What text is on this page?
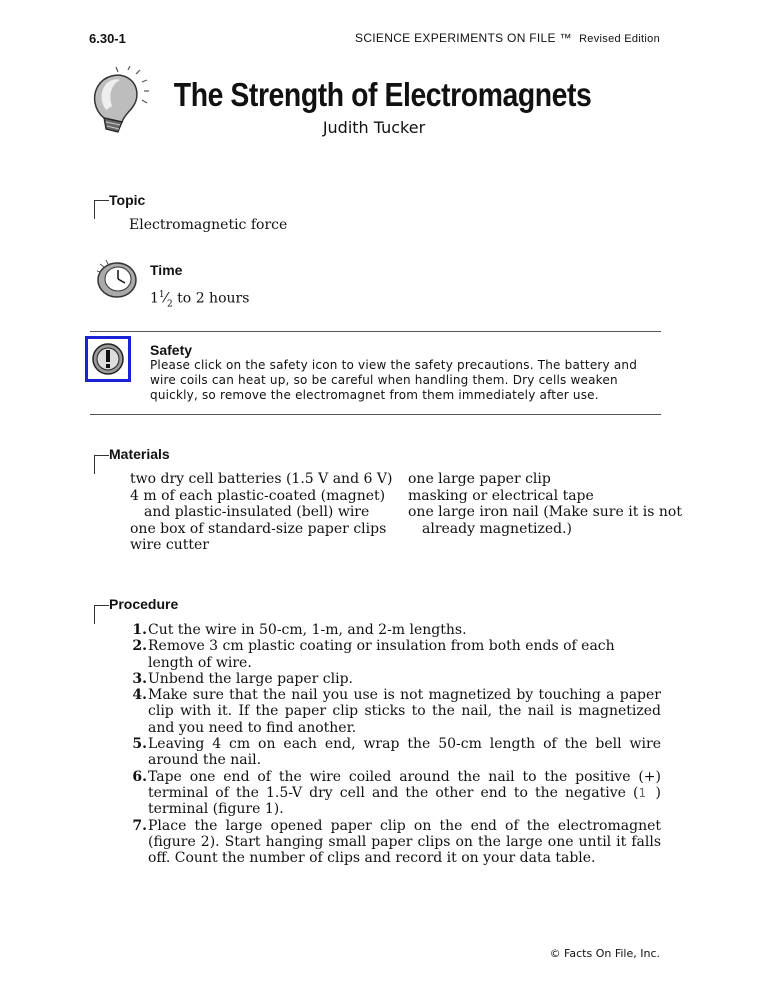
6.30-1	SCIENCE EXPERIMENTS ON FILE ™ Revised Edition
The Strength of Electromagnets
Judith Tucker
Topic
Electromagnetic force
Time
$1^1⁄_2$ to 2 hours
Safety
Please click on the safety icon to view the safety precautions. The battery and wire coils can heat up, so be careful when handling them. Dry cells weaken quickly, so remove the electromagnet from them immediately after use.
Materials
two dry cell batteries (1.5 V and 6 V)
4 m of each plastic-coated (magnet)
and plastic-insulated (bell) wire
one box of standard-size paper clips
wire cutter
one large paper clip
masking or electrical tape
one large iron nail (Make sure it is not
already magnetized.)
Procedure
1. Cut the wire in 50-cm, 1-m, and 2-m lengths.
2. Remove 3 cm plastic coating or insulation from both ends of each length of wire.
3. Unbend the large paper clip.
4. Make sure that the nail you use is not magnetized by touching a paper clip with it. If the paper clip sticks to the nail, the nail is magnetized and you need to find another.
5. Leaving 4 cm on each end, wrap the 50-cm length of the bell wire around the nail.
6. Tape one end of the wire coiled around the nail to the positive (+) terminal of the 1.5-V dry cell and the other end to the negative (1 ) terminal (figure 1).
7. Place the large opened paper clip on the end of the electromagnet (figure 2). Start hanging small paper clips on the large one until it falls off. Count the number of clips and record it on your data table.
© Facts On File, Inc.
